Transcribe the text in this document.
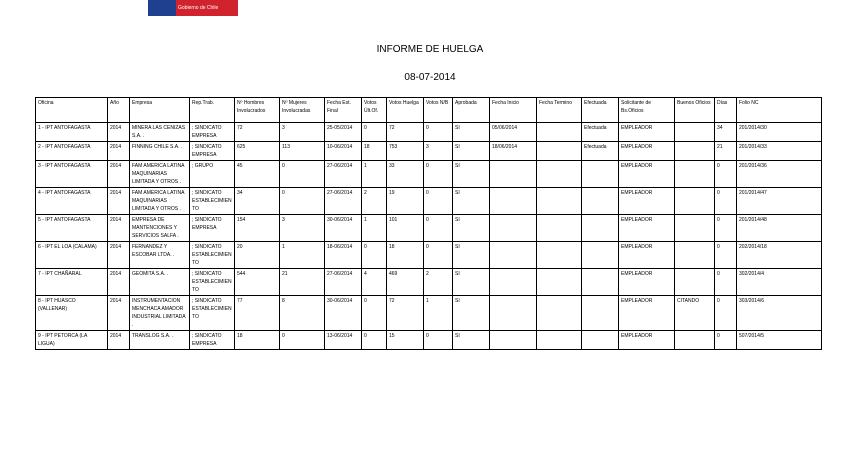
Gobierno de Chile
INFORME DE HUELGA
08-07-2014
Oficina	Año	Empresa	Rep.Trab.	Nº Hombres Involucrados	Nº Mujeres Involucradas	Fecha Est. Final	Votos Últ.Of.	Votos Huelga	Votos N/B	Aprobada	Fecha Inicio	Fecha Termino	Efectuada	Solicitante de Bs.Oficios	Buenos Oficios	Días	Folio NC
1 - IPT ANTOFAGASTA	2014	MINERA LAS CENIZAS S.A. .	; SINDICATO EMPRESA	72	3	25-05/2014	0	72	0	SI	05/06/2014		Efectuada	EMPLEADOR		34	201/2014/30
2 - IPT ANTOFAGASTA	2014	FINNING CHILE S.A. .	; SINDICATO EMPRESA	625	113	10-06/2014	18	753	3	SI	18/06/2014		Efectuada	EMPLEADOR		21	201/2014/33
3 - IPT ANTOFAGASTA	2014	FAM AMERICA LATINA MAQUINARIAS LIMITADA Y OTROS .	; GRUPO	45	0	27-06/2014	1	33	0	SI				EMPLEADOR		0	201/2014/36
4 - IPT ANTOFAGASTA	2014	FAM AMERICA LATINA MAQUINARIAS LIMITADA Y OTROS .	; SINDICATO ESTABLECIMIENTO	34	0	27-06/2014	2	19	0	SI				EMPLEADOR		0	201/2014/47
5 - IPT ANTOFAGASTA	2014	EMPRESA DE MANTENCIONES Y SERVICIOS SALFA .	; SINDICATO EMPRESA	154	3	30-06/2014	1	101	0	SI				EMPLEADOR		0	201/2014/48
6 - IPT EL LOA (CALAMA)	2014	FERNANDEZ Y ESCOBAR LTDA. .	; SINDICATO ESTABLECIMIENTO	20	1	18-06/2014	0	18	0	SI				EMPLEADOR		0	202/2014/18
7 - IPT CHAÑARAL	2014	GEOMITA S.A. .	; SINDICATO ESTABLECIMIENTO	544	21	27-06/2014	4	469	2	SI				EMPLEADOR		0	302/2014/4
8 - IPT HUASCO (VALLENAR)	2014	INSTRUMENTACION MENCHACA AMADOR INDUSTRIAL LIMITADA .	; SINDICATO ESTABLECIMIENTO	77	8	30-06/2014	0	72	1	SI				EMPLEADOR	CITANDO	0	303/2014/6
9 - IPT PETORCA (LA LIGUA)	2014	TRANSLOG S.A. .	; SINDICATO EMPRESA	18	0	13-06/2014	0	15	0	SI				EMPLEADOR		0	507/2014/5
